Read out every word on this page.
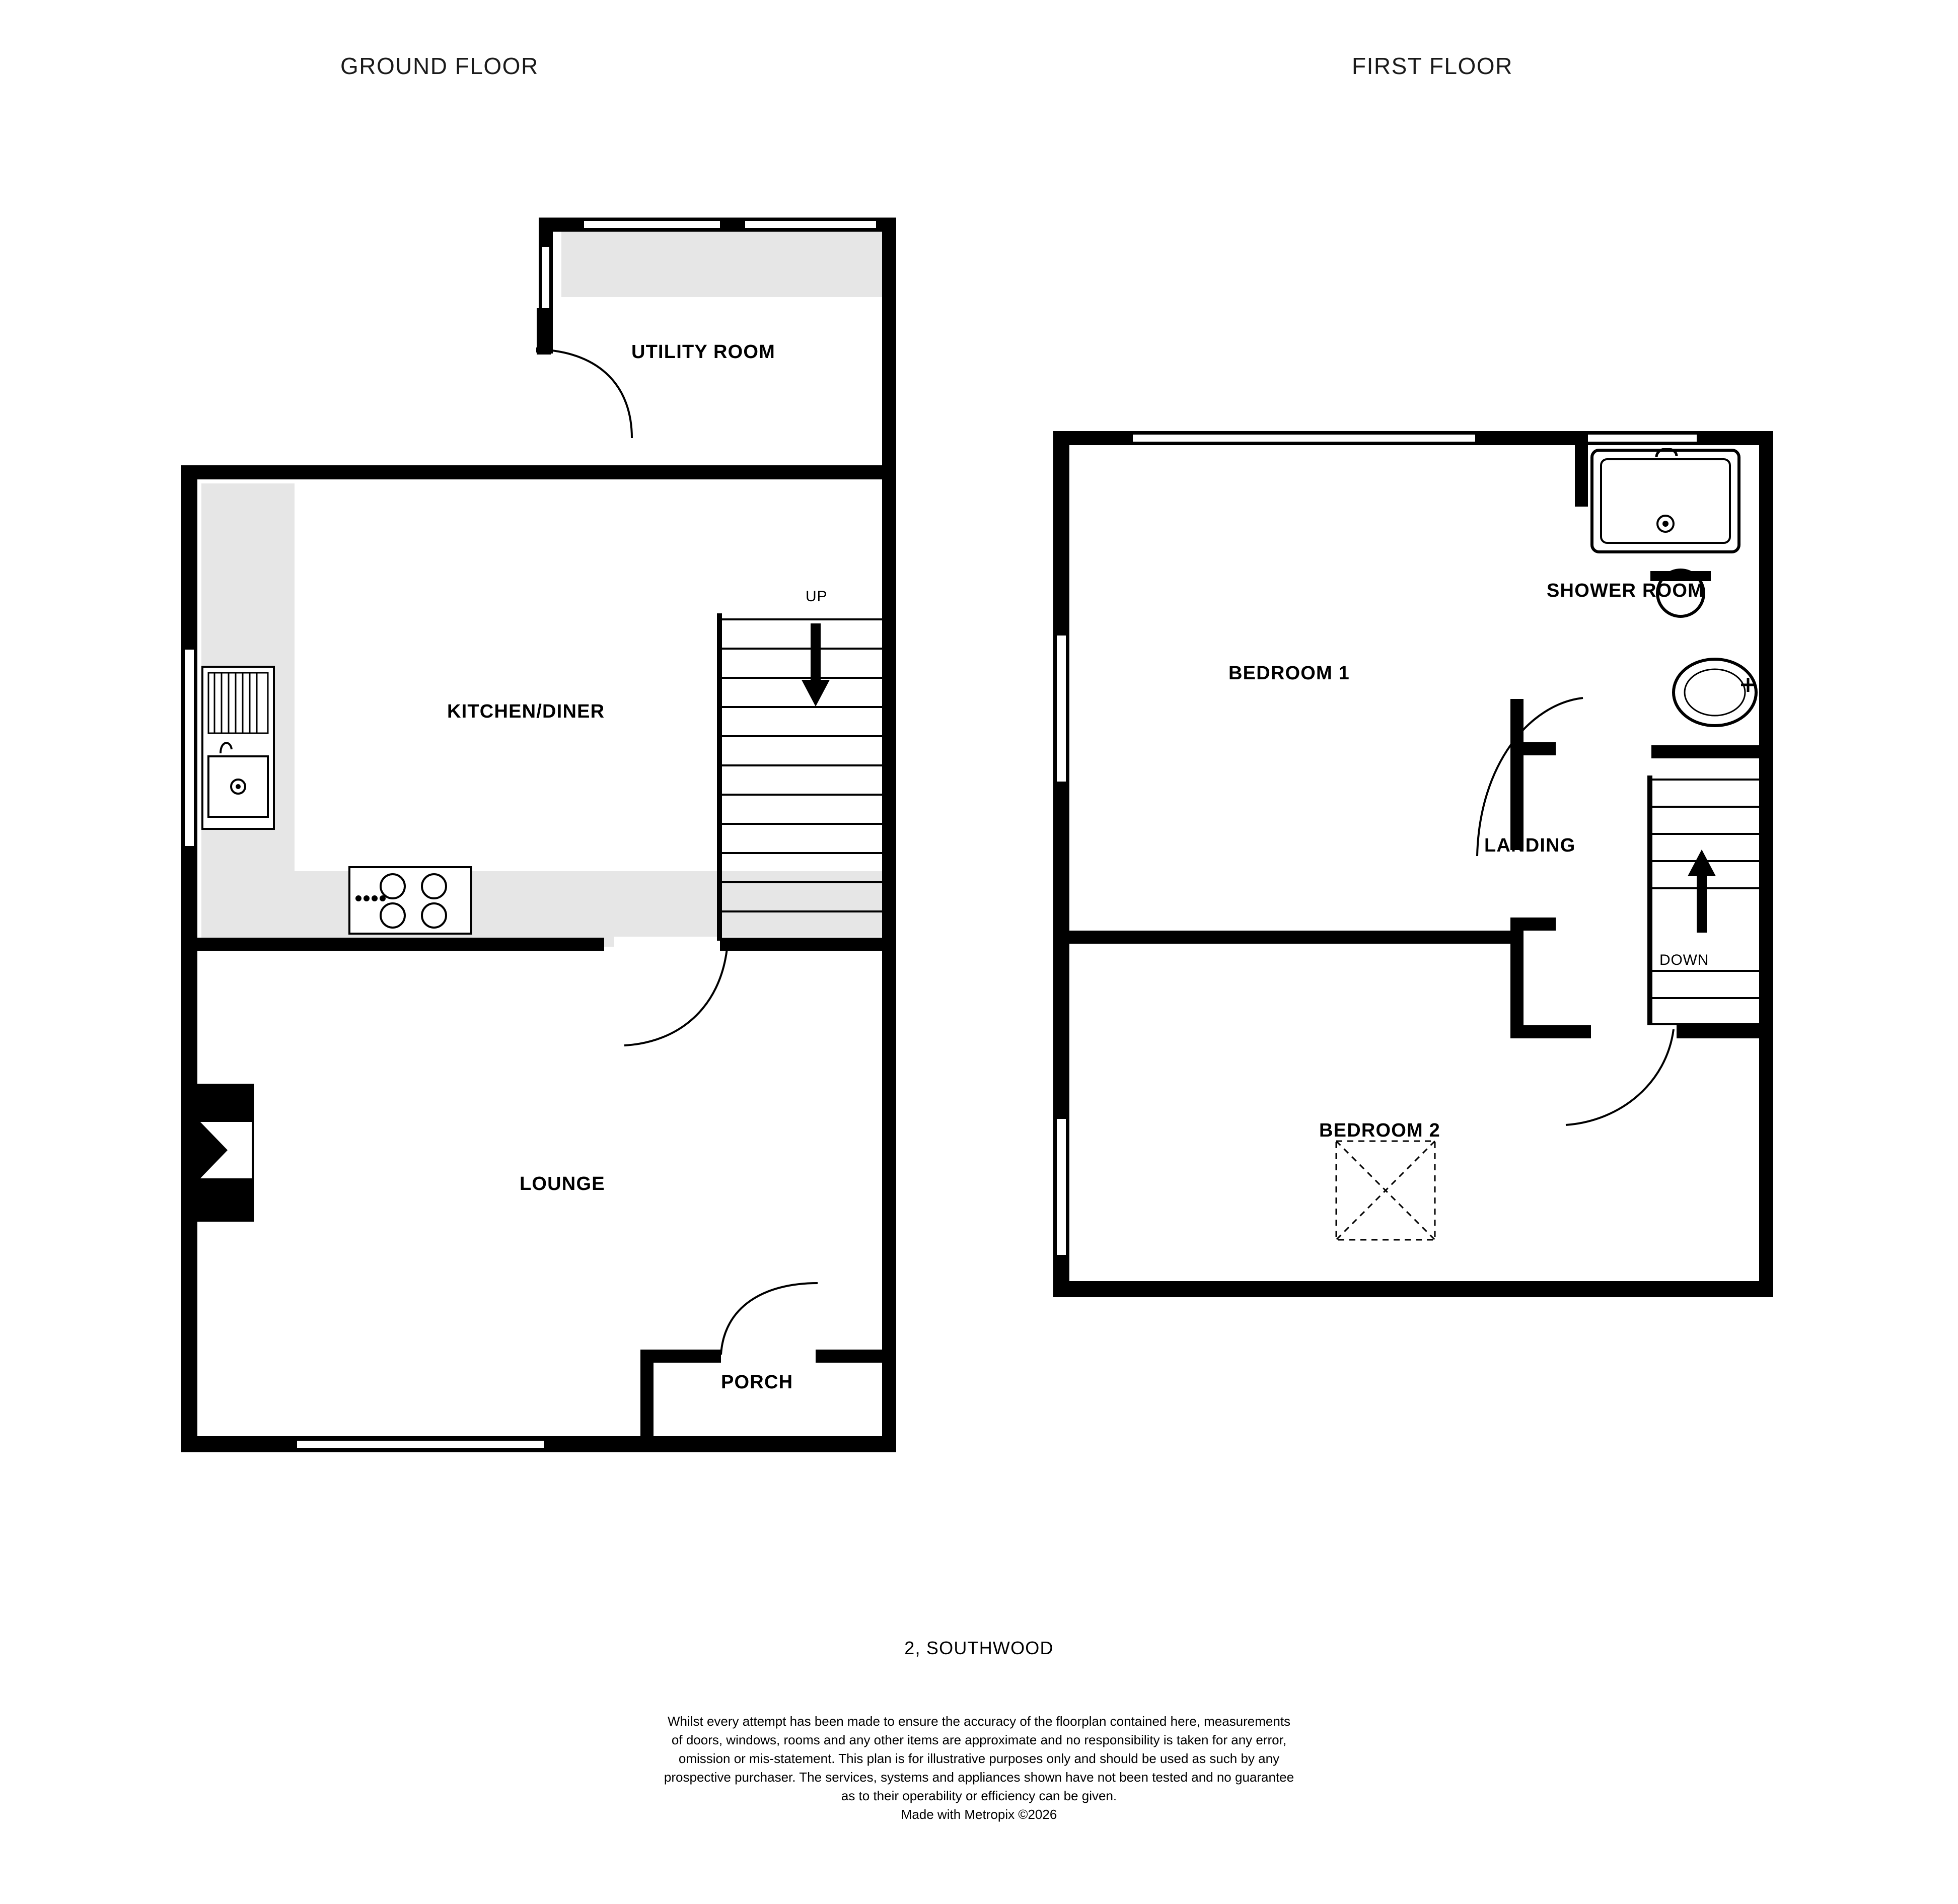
GROUND FLOOR	FIRST FLOOR
UP
UTILITY ROOM
KITCHEN/DINER
LOUNGE
PORCH
DOWN
BEDROOM 1
SHOWER ROOM
LANDING
BEDROOM 2
2, SOUTHWOOD
Whilst every attempt has been made to ensure the accuracy of the floorplan contained here, measurements
of doors, windows, rooms and any other items are approximate and no responsibility is taken for any error,
omission or mis-statement. This plan is for illustrative purposes only and should be used as such by any
prospective purchaser. The services, systems and appliances shown have not been tested and no guarantee
as to their operability or efficiency can be given.
Made with Metropix ©2026
